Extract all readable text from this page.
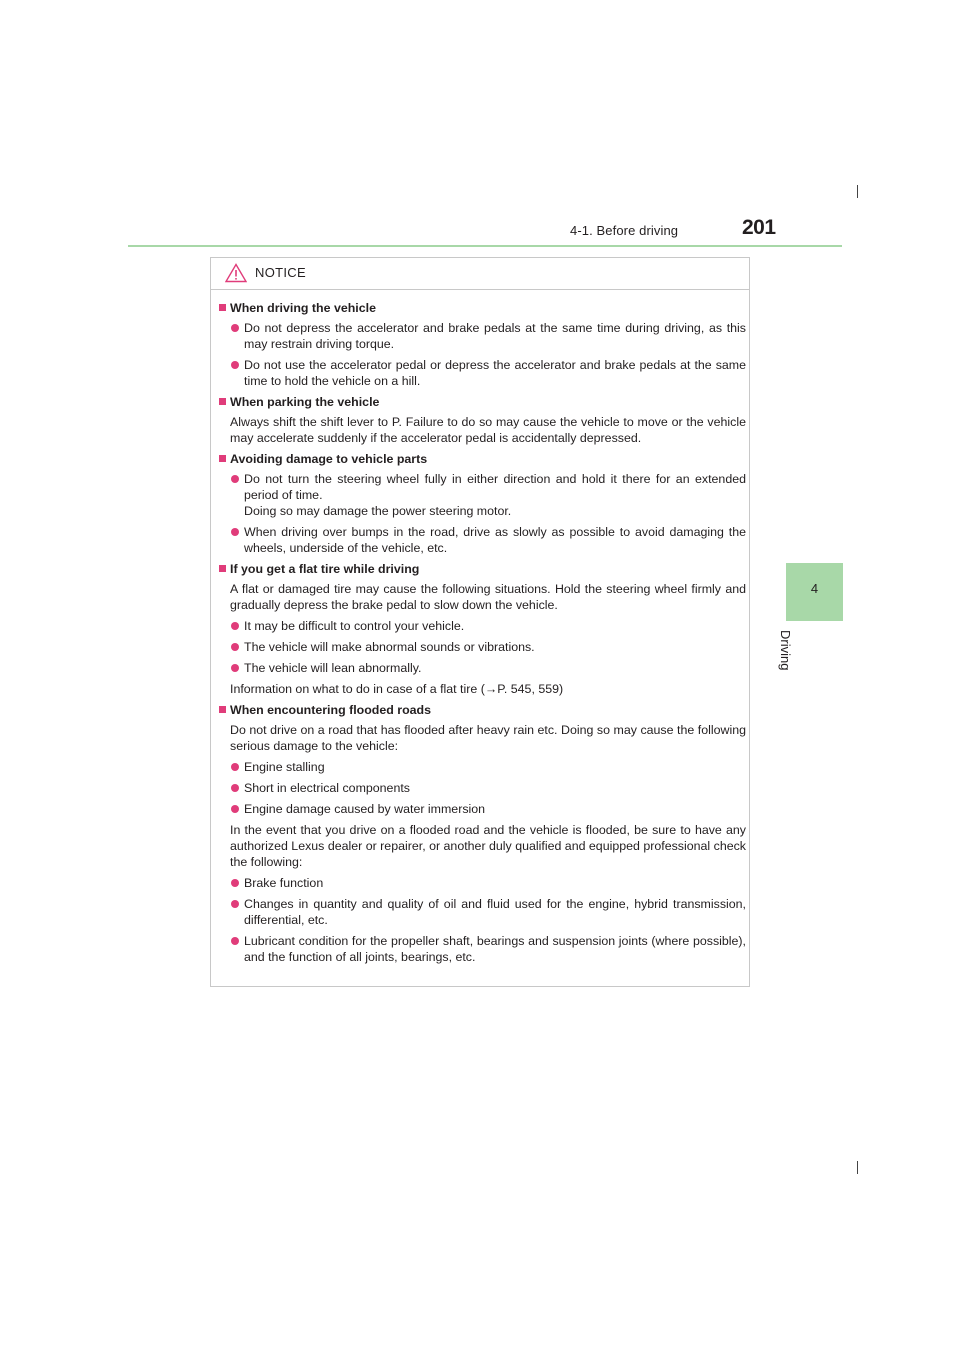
4-1. Before driving	201
4
Driving
NOTICE
When driving the vehicle
Do not depress the accelerator and brake pedals at the same time during driving, as this may restrain driving torque.
Do not use the accelerator pedal or depress the accelerator and brake pedals at the same time to hold the vehicle on a hill.
When parking the vehicle
Always shift the shift lever to P. Failure to do so may cause the vehicle to move or the vehicle may accelerate suddenly if the accelerator pedal is accidentally depressed.
Avoiding damage to vehicle parts
Do not turn the steering wheel fully in either direction and hold it there for an extended period of time.
Doing so may damage the power steering motor.
When driving over bumps in the road, drive as slowly as possible to avoid damaging the wheels, underside of the vehicle, etc.
If you get a flat tire while driving
A flat or damaged tire may cause the following situations. Hold the steering wheel firmly and gradually depress the brake pedal to slow down the vehicle.
It may be difficult to control your vehicle.
The vehicle will make abnormal sounds or vibrations.
The vehicle will lean abnormally.
Information on what to do in case of a flat tire (→P. 545, 559)
When encountering flooded roads
Do not drive on a road that has flooded after heavy rain etc. Doing so may cause the following serious damage to the vehicle:
Engine stalling
Short in electrical components
Engine damage caused by water immersion
In the event that you drive on a flooded road and the vehicle is flooded, be sure to have any authorized Lexus dealer or repairer, or another duly qualified and equipped professional check the following:
Brake function
Changes in quantity and quality of oil and fluid used for the engine, hybrid transmission, differential, etc.
Lubricant condition for the propeller shaft, bearings and suspension joints (where possible), and the function of all joints, bearings, etc.
